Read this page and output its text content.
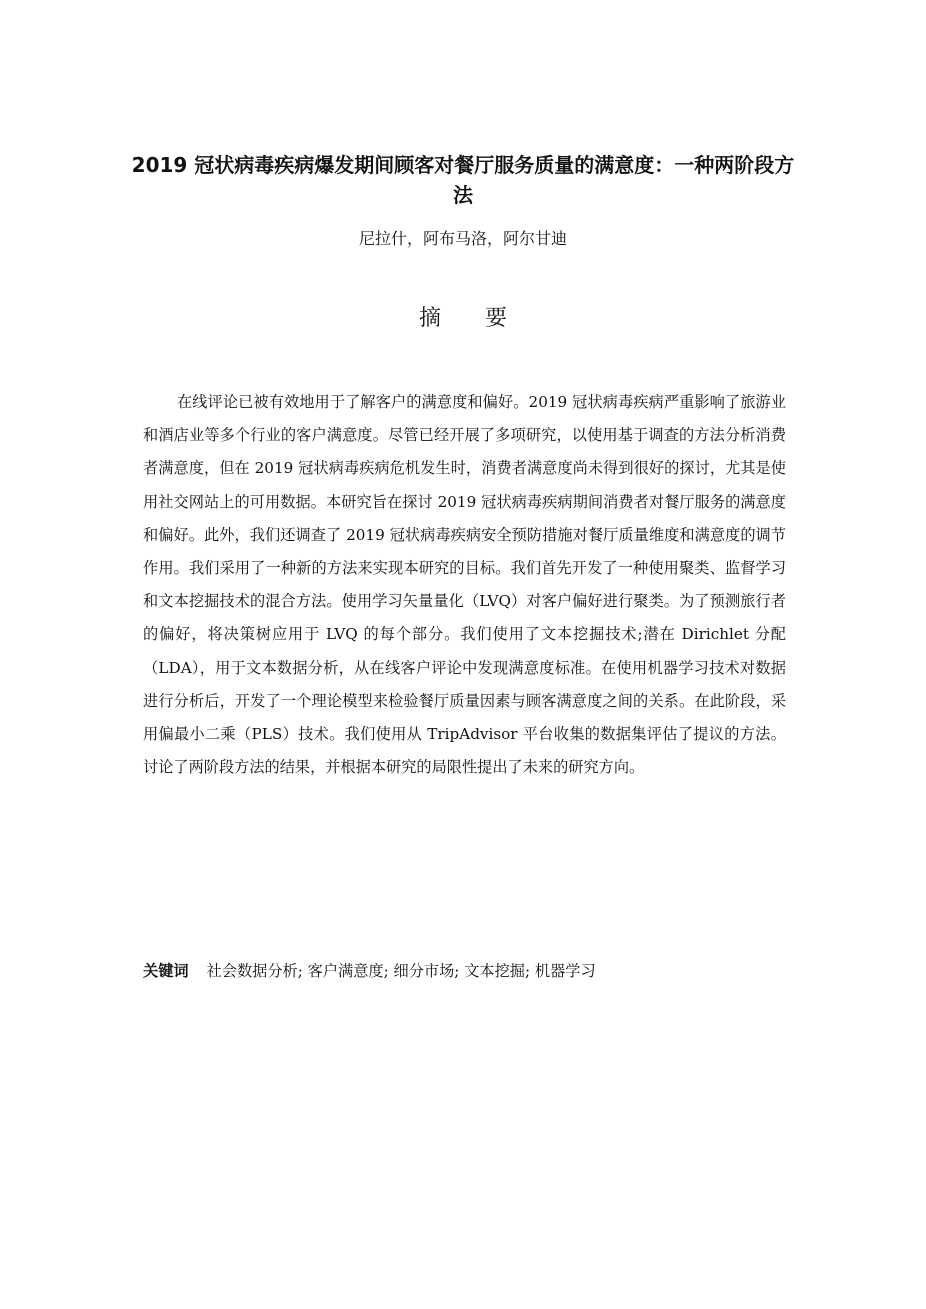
2019 冠状病毒疾病爆发期间顾客对餐厅服务质量的满意度：一种两阶段方法
尼拉什，阿布马洛，阿尔甘迪
摘要

在线评论已被有效地用于了解客户的满意度和偏好。2019 冠状病毒疾病严重影响了旅游业和酒店业等多个行业的客户满意度。尽管已经开展了多项研究，以使用基于调查的方法分析消费者满意度，但在 2019 冠状病毒疾病危机发生时，消费者满意度尚未得到很好的探讨，尤其是使用社交网站上的可用数据。本研究旨在探讨 2019 冠状病毒疾病期间消费者对餐厅服务的满意度和偏好。此外，我们还调查了 2019 冠状病毒疾病安全预防措施对餐厅质量维度和满意度的调节作用。我们采用了一种新的方法来实现本研究的目标。我们首先开发了一种使用聚类、监督学习和文本挖掘技术的混合方法。使用学习矢量量化（LVQ）对客户偏好进行聚类。为了预测旅行者的偏好，将决策树应用于 LVQ 的每个部分。我们使用了文本挖掘技术;潜在 Dirichlet 分配（LDA），用于文本数据分析，从在线客户评论中发现满意度标准。在使用机器学习技术对数据进行分析后，开发了一个理论模型来检验餐厅质量因素与顾客满意度之间的关系。在此阶段，采用偏最小二乘（PLS）技术。我们使用从 TripAdvisor 平台收集的数据集评估了提议的方法。讨论了两阶段方法的结果，并根据本研究的局限性提出了未来的研究方向。

关键词 社会数据分析; 客户满意度; 细分市场; 文本挖掘; 机器学习
